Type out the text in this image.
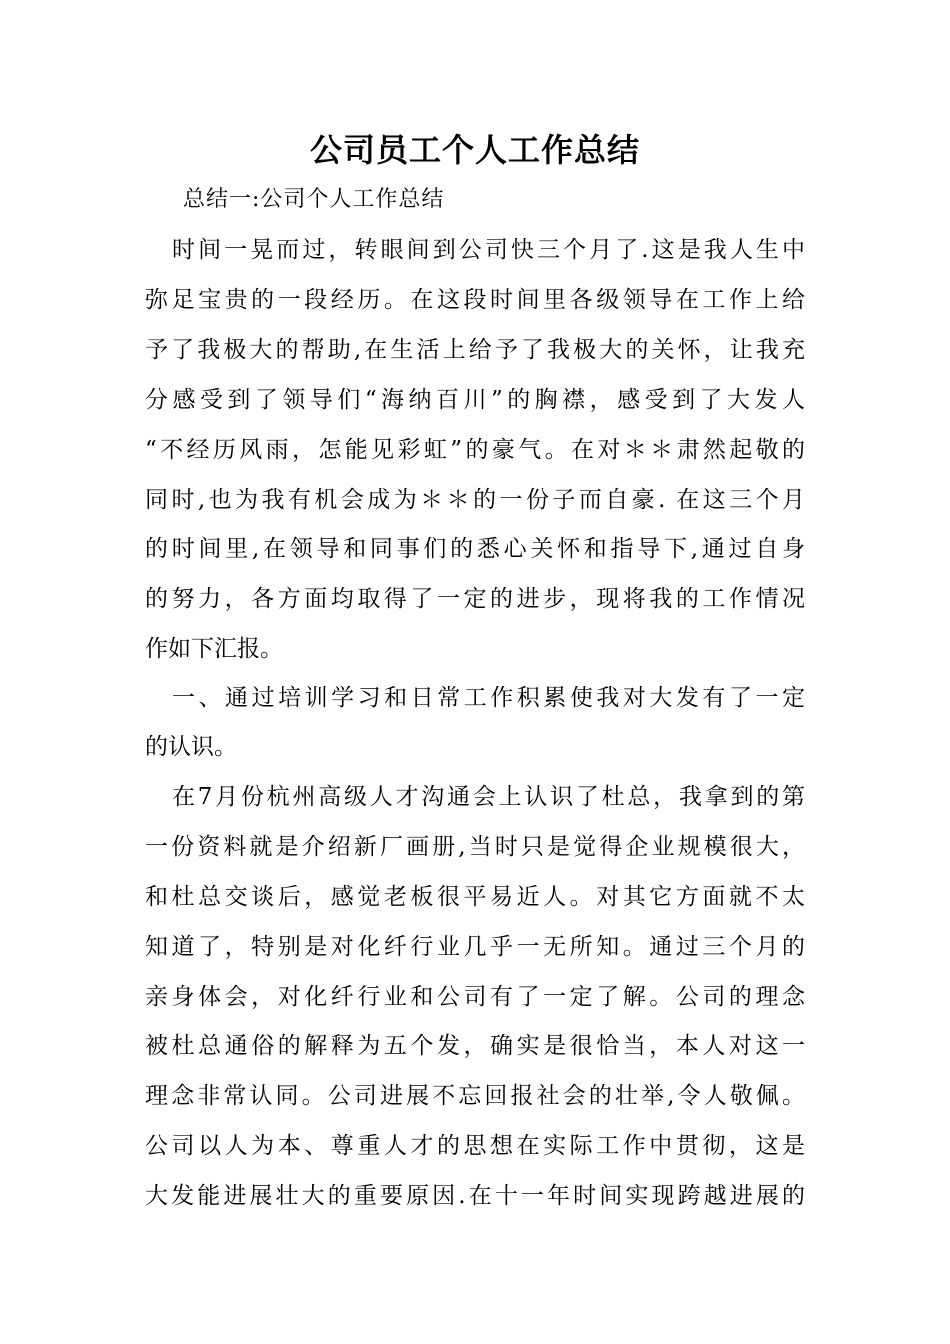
公司员工个人工作总结
总结一:公司个人工作总结
时间一晃而过，转眼间到公司快三个月了.这是我人生中
弥足宝贵的一段经历。在这段时间里各级领导在工作上给
予了我极大的帮助,在生活上给予了我极大的关怀，让我充
分感受到了领导们“海纳百川”的胸襟，感受到了大发人
“不经历风雨，怎能见彩虹”的豪气。在对＊＊肃然起敬的
同时,也为我有机会成为＊＊的一份子而自豪. 在这三个月
的时间里,在领导和同事们的悉心关怀和指导下,通过自身
的努力，各方面均取得了一定的进步，现将我的工作情况
作如下汇报。
一、通过培训学习和日常工作积累使我对大发有了一定
的认识。
在7月份杭州高级人才沟通会上认识了杜总，我拿到的第
一份资料就是介绍新厂画册,当时只是觉得企业规模很大，
和杜总交谈后，感觉老板很平易近人。对其它方面就不太
知道了，特别是对化纤行业几乎一无所知。通过三个月的
亲身体会，对化纤行业和公司有了一定了解。公司的理念
被杜总通俗的解释为五个发，确实是很恰当，本人对这一
理念非常认同。公司进展不忘回报社会的壮举,令人敬佩。
公司以人为本、尊重人才的思想在实际工作中贯彻，这是
大发能进展壮大的重要原因.在十一年时间实现跨越进展的
